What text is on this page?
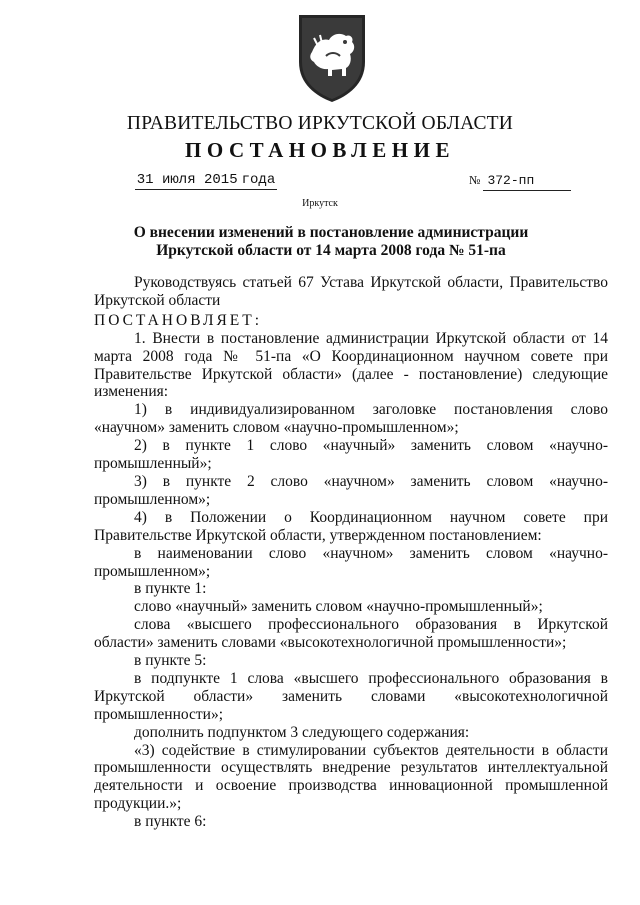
ПРАВИТЕЛЬСТВО ИРКУТСКОЙ ОБЛАСТИ
ПОСТАНОВЛЕНИЕ
31 июля 2015 года	№ 372-пп
Иркутск
О внесении изменений в постановление администрации Иркутской области от 14 марта 2008 года № 51-па

Руководствуясь статьей 67 Устава Иркутской области, Правительство Иркутской области

ПОСТАНОВЛЯЕТ:

1. Внести в постановление администрации Иркутской области от 14 марта 2008 года № 51-па «О Координационном научном совете при Правительстве Иркутской области» (далее - постановление) следующие изменения:

1) в индивидуализированном заголовке постановления слово «научном» заменить словом «научно-промышленном»;

2) в пункте 1 слово «научный» заменить словом «научно-промышленный»;

3) в пункте 2 слово «научном» заменить словом «научно-промышленном»;

4) в Положении о Координационном научном совете при Правительстве Иркутской области, утвержденном постановлением:

в наименовании слово «научном» заменить словом «научно-промышленном»;

в пункте 1:

слово «научный» заменить словом «научно-промышленный»;

слова «высшего профессионального образования в Иркутской области» заменить словами «высокотехнологичной промышленности»;

в пункте 5:

в подпункте 1 слова «высшего профессионального образования в Иркутской области» заменить словами «высокотехнологичной промышленности»;

дополнить подпунктом 3 следующего содержания:

«3) содействие в стимулировании субъектов деятельности в области промышленности осуществлять внедрение результатов интеллектуальной деятельности и освоение производства инновационной промышленной продукции.»;

в пункте 6:
